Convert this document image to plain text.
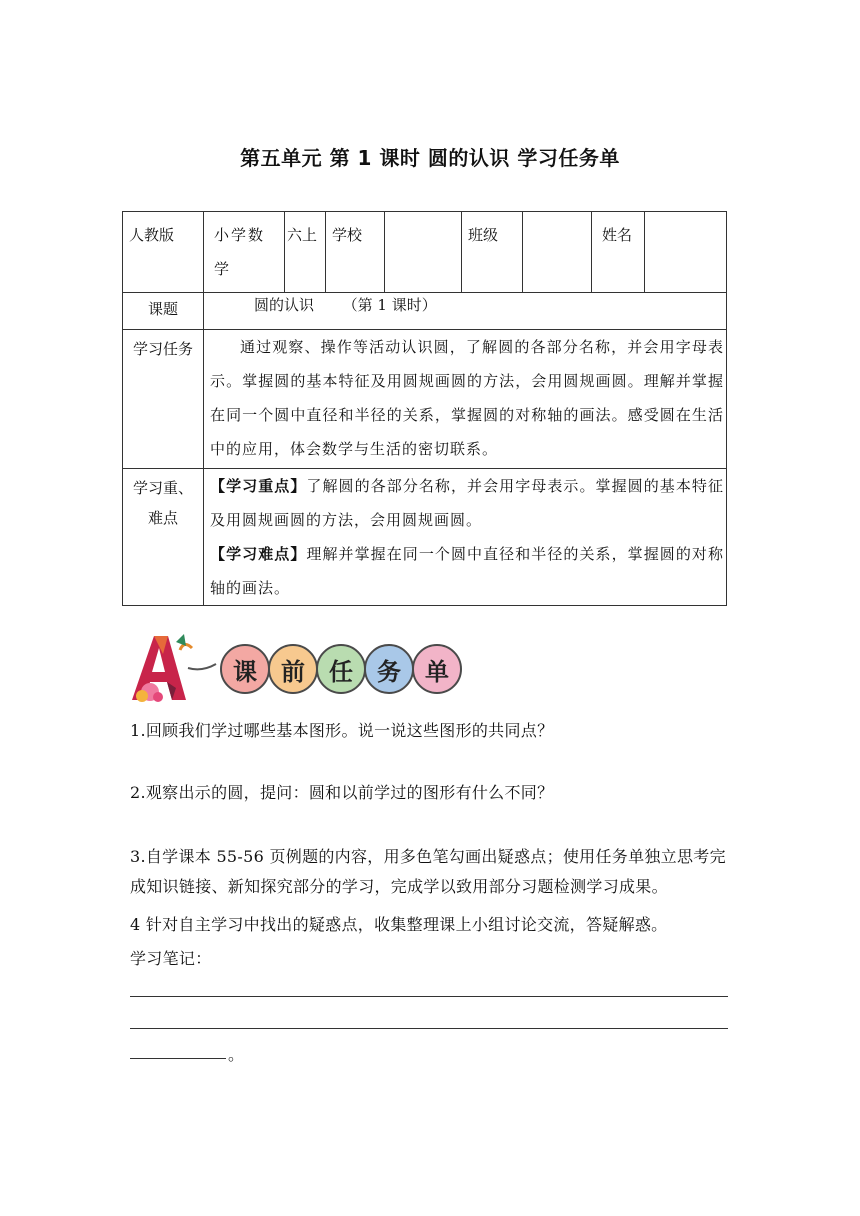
第五单元 第 1 课时 圆的认识 学习任务单
人教版	小学数学	六上	学校		班级		姓名	
课题	圆的认识      （第 1 课时）							
学习任务	通过观察、操作等活动认识圆，了解圆的各部分名称，并会用字母表示。掌握圆的基本特征及用圆规画圆的方法，会用圆规画圆。理解并掌握在同一个圆中直径和半径的关系，掌握圆的对称轴的画法。感受圆在生活中的应用，体会数学与生活的密切联系。							
学习重、难点	【学习重点】了解圆的各部分名称，并会用字母表示。掌握圆的基本特征及用圆规画圆的方法，会用圆规画圆。
【学习难点】理解并掌握在同一个圆中直径和半径的关系，掌握圆的对称轴的画法。							
课	前	任	务	单
1.回顾我们学过哪些基本图形。说一说这些图形的共同点？
2.观察出示的圆，提问：圆和以前学过的图形有什么不同？
3.自学课本 55-56 页例题的内容，用多色笔勾画出疑惑点；使用任务单独立思考完成知识链接、新知探究部分的学习，完成学以致用部分习题检测学习成果。
4 针对自主学习中找出的疑惑点，收集整理课上小组讨论交流，答疑解惑。
学习笔记：
。
